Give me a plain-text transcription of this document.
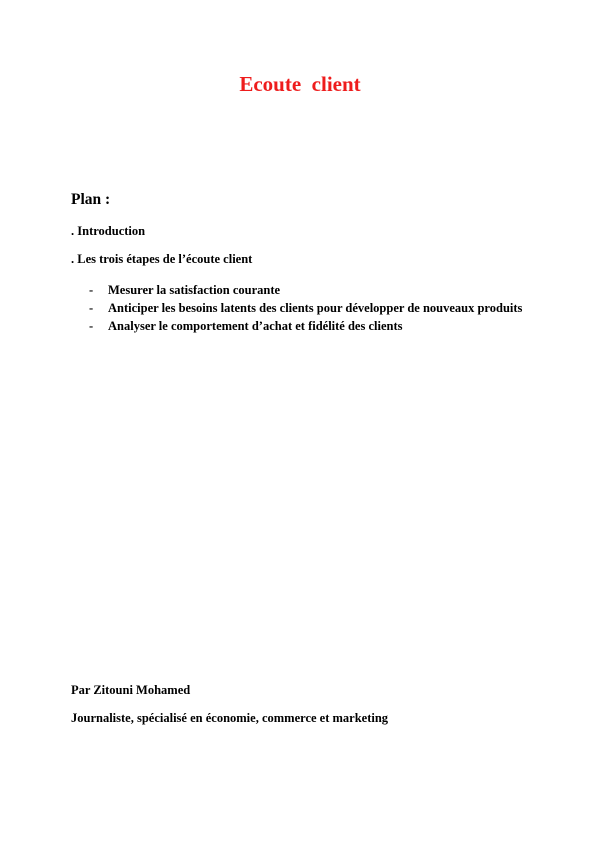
Ecoute  client
Plan :
. Introduction
. Les trois étapes de l’écoute client
- Mesurer la satisfaction courante
- Anticiper les besoins latents des clients pour développer de nouveaux produits
- Analyser le comportement d’achat et fidélité des clients
Par Zitouni Mohamed
Journaliste, spécialisé en économie, commerce et marketing
